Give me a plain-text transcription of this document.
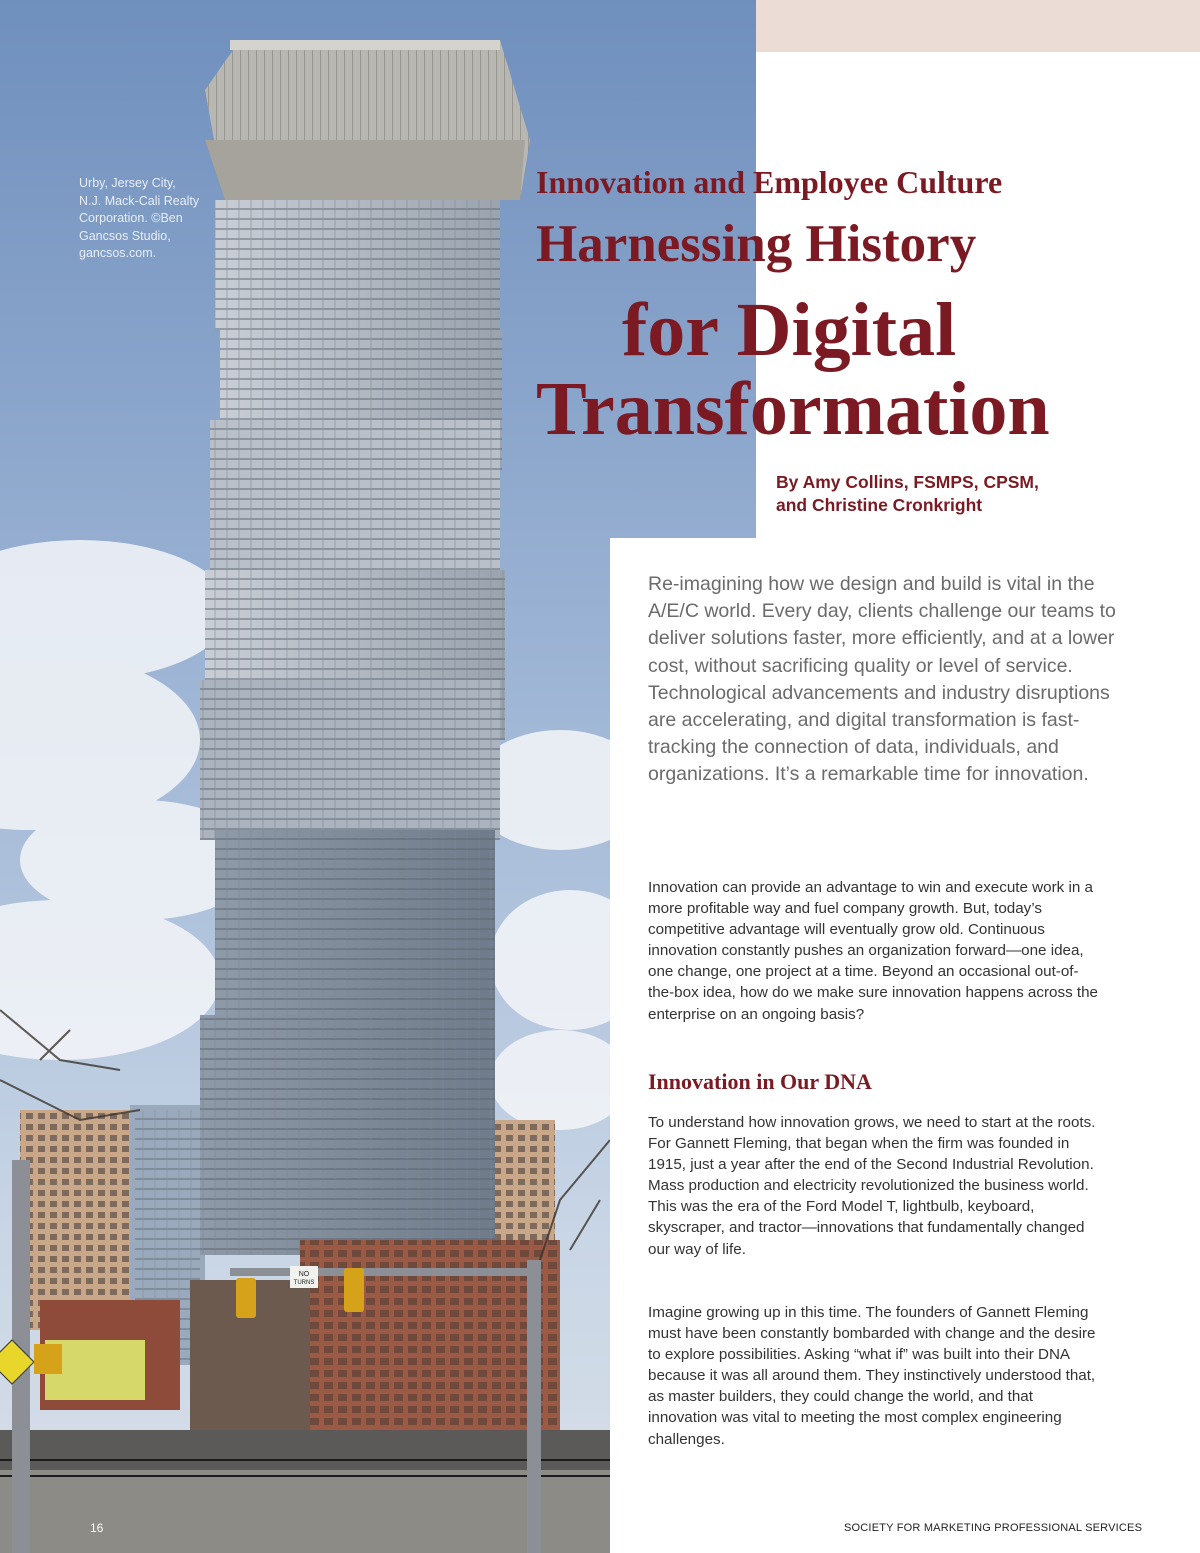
NO
TURNS
Urby, Jersey City, N.J. Mack-Cali Realty Corporation. ©Ben Gancsos Studio, gancsos.com.
Innovation and Employee Culture
Harnessing History
for Digital
Transformation
By Amy Collins, FSMPS, CPSM,
and Christine Cronkright

Re-imagining how we design and build is vital in the A/E/C world. Every day, clients challenge our teams to deliver solutions faster, more efficiently, and at a lower cost, without sacrificing quality or level of service. Technological advancements and industry disruptions are accelerating, and digital transformation is fast-tracking the connection of data, individuals, and organizations. It’s a remarkable time for innovation.

Innovation can provide an advantage to win and execute work in a more profitable way and fuel company growth. But, today’s competitive advantage will eventually grow old. Continuous innovation constantly pushes an organization forward—one idea, one change, one project at a time. Beyond an occasional out-of-the-box idea, how do we make sure innovation happens across the enterprise on an ongoing basis?

Innovation in Our DNA

To understand how innovation grows, we need to start at the roots. For Gannett Fleming, that began when the firm was founded in 1915, just a year after the end of the Second Industrial Revolution. Mass production and electricity revolutionized the business world. This was the era of the Ford Model T, lightbulb, keyboard, skyscraper, and tractor—innovations that fundamentally changed our way of life.

Imagine growing up in this time. The founders of Gannett Fleming must have been constantly bombarded with change and the desire to explore possibilities. Asking “what if” was built into their DNA because it was all around them. They instinctively understood that, as master builders, they could change the world, and that innovation was vital to meeting the most complex engineering challenges.

16	SOCIETY FOR MARKETING PROFESSIONAL SERVICES
